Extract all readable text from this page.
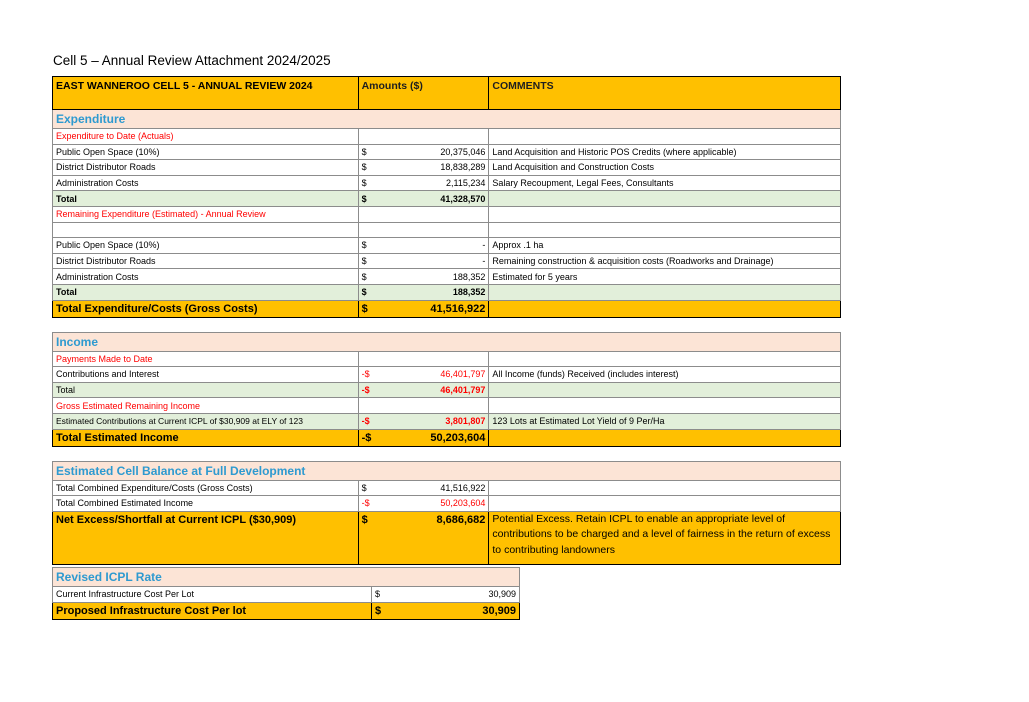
Cell 5 – Annual Review Attachment 2024/2025
EAST WANNEROO CELL 5 - ANNUAL REVIEW 2024	Amounts ($)	COMMENTS
Expenditure		
Expenditure to Date (Actuals)		
Public Open Space (10%)	$ 20,375,046	Land Acquisition and Historic POS Credits (where applicable)
District Distributor Roads	$ 18,838,289	Land Acquisition and Construction Costs
Administration Costs	$ 2,115,234	Salary Recoupment, Legal Fees, Consultants
Total	$ 41,328,570	

Remaining Expenditure (Estimated) - Annual Review		

Public Open Space (10%)	$ -	Approx .1 ha
District Distributor Roads	$ -	Remaining construction & acquisition costs (Roadworks and Drainage)
Administration Costs	$ 188,352	Estimated for 5 years
Total	$ 188,352	

Total Expenditure/Costs (Gross Costs)	$ 41,516,922	

Income		
Payments Made to Date		
Contributions and Interest	-$ 46,401,797	All Income (funds) Received (includes interest)
Total	-$ 46,401,797	

Gross Estimated Remaining Income		
Estimated Contributions at Current ICPL of $30,909 at ELY of 123	-$ 3,801,807	123 Lots at Estimated Lot Yield of 9 Per/Ha
Total Estimated Income	-$ 50,203,604	

Estimated Cell Balance at Full Development		
Total Combined Expenditure/Costs (Gross Costs)	$ 41,516,922	

Total Combined Estimated Income	-$ 50,203,604	

Net Excess/Shortfall at Current ICPL ($30,909)	$ 8,686,682	Potential Excess. Retain ICPL to enable an appropriate level of contributions to be charged and a level of fairness in the return of excess to contributing landowners
Revised ICPL Rate	
Current Infrastructure Cost Per Lot	$ 30,909

Proposed Infrastructure Cost Per lot	$ 30,909
